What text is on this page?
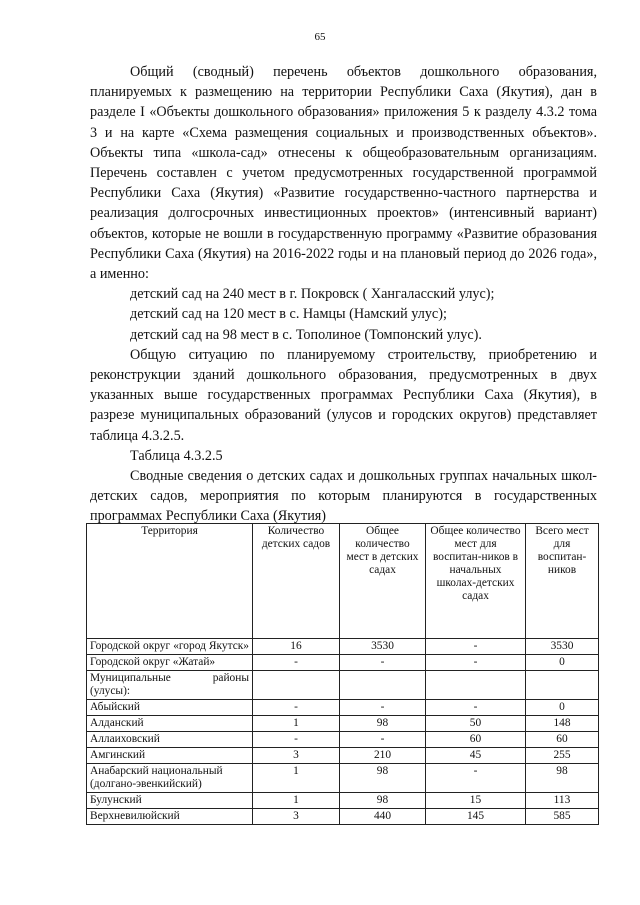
65

Общий (сводный) перечень объектов дошкольного образования, планируемых к размещению на территории Республики Саха (Якутия), дан в разделе I «Объекты дошкольного образования» приложения 5 к разделу 4.3.2 тома 3 и на карте «Схема размещения социальных и производственных объектов». Объекты типа «школа-сад» отнесены к общеобразовательным организациям. Перечень составлен с учетом предусмотренных государственной программой Республики Саха (Якутия) «Развитие государственно-частного партнерства и реализация долгосрочных инвестиционных проектов» (интенсивный вариант) объектов, которые не вошли в государственную программу «Развитие образования Республики Саха (Якутия) на 2016-2022 годы и на плановый период до 2026 года», а именно:

детский сад на 240 мест в г. Покровск ( Хангаласский улус);

детский сад на 120 мест в с. Намцы (Намский улус);

детский сад на 98 мест в с. Тополиное (Томпонский улус).

Общую ситуацию по планируемому строительству, приобретению и реконструкции зданий дошкольного образования, предусмотренных в двух указанных выше государственных программах Республики Саха (Якутия), в разрезе муниципальных образований (улусов и городских округов) представляет таблица 4.3.2.5.

Таблица 4.3.2.5

Сводные сведения о детских садах и дошкольных группах начальных школ-детских садов, мероприятия по которым планируются в государственных программах Республики Саха (Якутия)

Территория	Количество детских садов	Общее количество мест в детских садах	Общее количество мест для воспитан-ников в начальных школах-детских садах	Всего мест для воспитан-ников
Городской округ «город Якутск»	16	3530	-	3530
Городской округ «Жатай»	-	-	-	0
Муниципальные районы (улусы):				
Абыйский	-	-	-	0
Алданский	1	98	50	148
Аллаиховский	-	-	60	60
Амгинский	3	210	45	255
Анабарский национальный (долгано-эвенкийский)	1	98	-	98
Булунский	1	98	15	113
Верхневилюйский	3	440	145	585
